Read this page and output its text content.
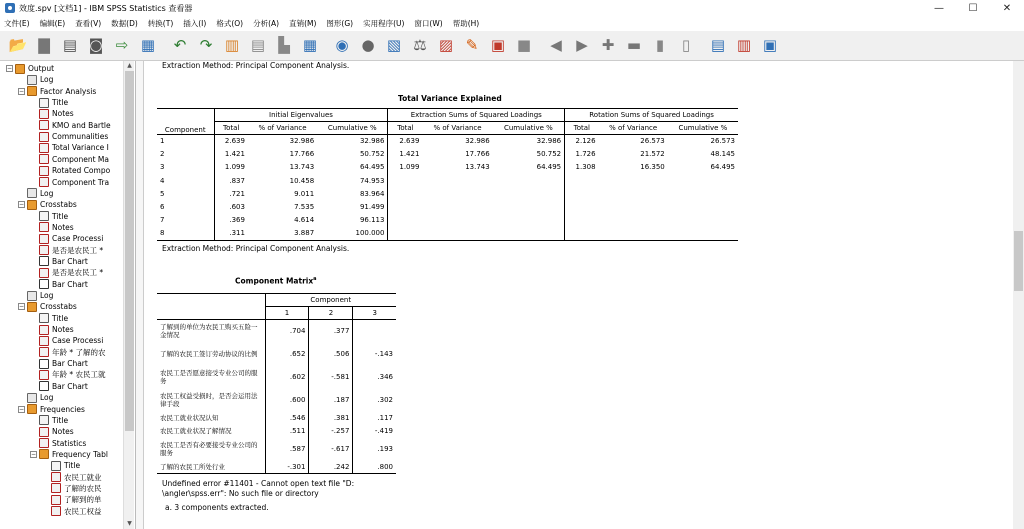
效度.spv [文档1] - IBM SPSS Statistics 查看器	—	☐	✕
文件(E) 编辑(E) 查看(V) 数据(D) 转换(T) 插入(I) 格式(O) 分析(A) 直销(M) 图形(G) 实用程序(U) 窗口(W) 帮助(H)
📂 ▇ ▤ ◙ ⇨ ▦	↶ ↷ ▥ ▤ ▙ ▦	◉ ● ▧ ⚖ ▨ ✎ ▣ ■	◀ ▶ ✚ ▬ ▮	▯	▤ ▥ ▣
− Output
Log
− Factor Analysis
Title
Notes
KMO and Bartle
Communalities
Total Variance I
Component Ma
Rotated Compo
Component Tra
Log
− Crosstabs
Title
Notes
Case Processi
是否是农民工 *
Bar Chart
是否是农民工 *
Bar Chart
Log
− Crosstabs
Title
Notes
Case Processi
年龄 * 了解的农
Bar Chart
年龄 * 农民工就
Bar Chart
Log
− Frequencies
Title
Notes
Statistics
− Frequency Tabl
Title
农民工就业
了解的农民
了解到的单
农民工权益
▲
▼
Extraction Method: Principal Component Analysis.
Total Variance Explained
Component	Initial Eigenvalues			Extraction Sums of Squared Loadings			Rotation Sums of Squared Loadings		
	Total	% of Variance	Cumulative %	Total	% of Variance	Cumulative %	Total	% of Variance	Cumulative %
1	2.639	32.986	32.986	2.639	32.986	32.986	2.126	26.573	26.573
2	1.421	17.766	50.752	1.421	17.766	50.752	1.726	21.572	48.145
3	1.099	13.743	64.495	1.099	13.743	64.495	1.308	16.350	64.495
4	.837	10.458	74.953						
5	.721	9.011	83.964						
6	.603	7.535	91.499						
7	.369	4.614	96.113						
8	.311	3.887	100.000						
Extraction Method: Principal Component Analysis.
Component Matrix$^a$
	Component		
	1	2	3
了解到的单位为农民工购买五险一金情况	.704	.377	
了解的农民工签订劳动协议的比例	.652	.506	-.143
农民工是否愿意接受专业公司的服务	.602	-.581	.346
农民工权益受损时，是否会运用法律手段	.600	.187	.302
农民工就业状况认知	.546	.381	.117
农民工就业状况了解情况	.511	-.257	-.419
农民工是否有必要接受专业公司的服务	.587	-.617	.193
了解的农民工所处行业	-.301	.242	.800
Undefined error #11401 - Cannot open text file "D:
\angler\spss.err": No such file or directory
a. 3 components extracted.
